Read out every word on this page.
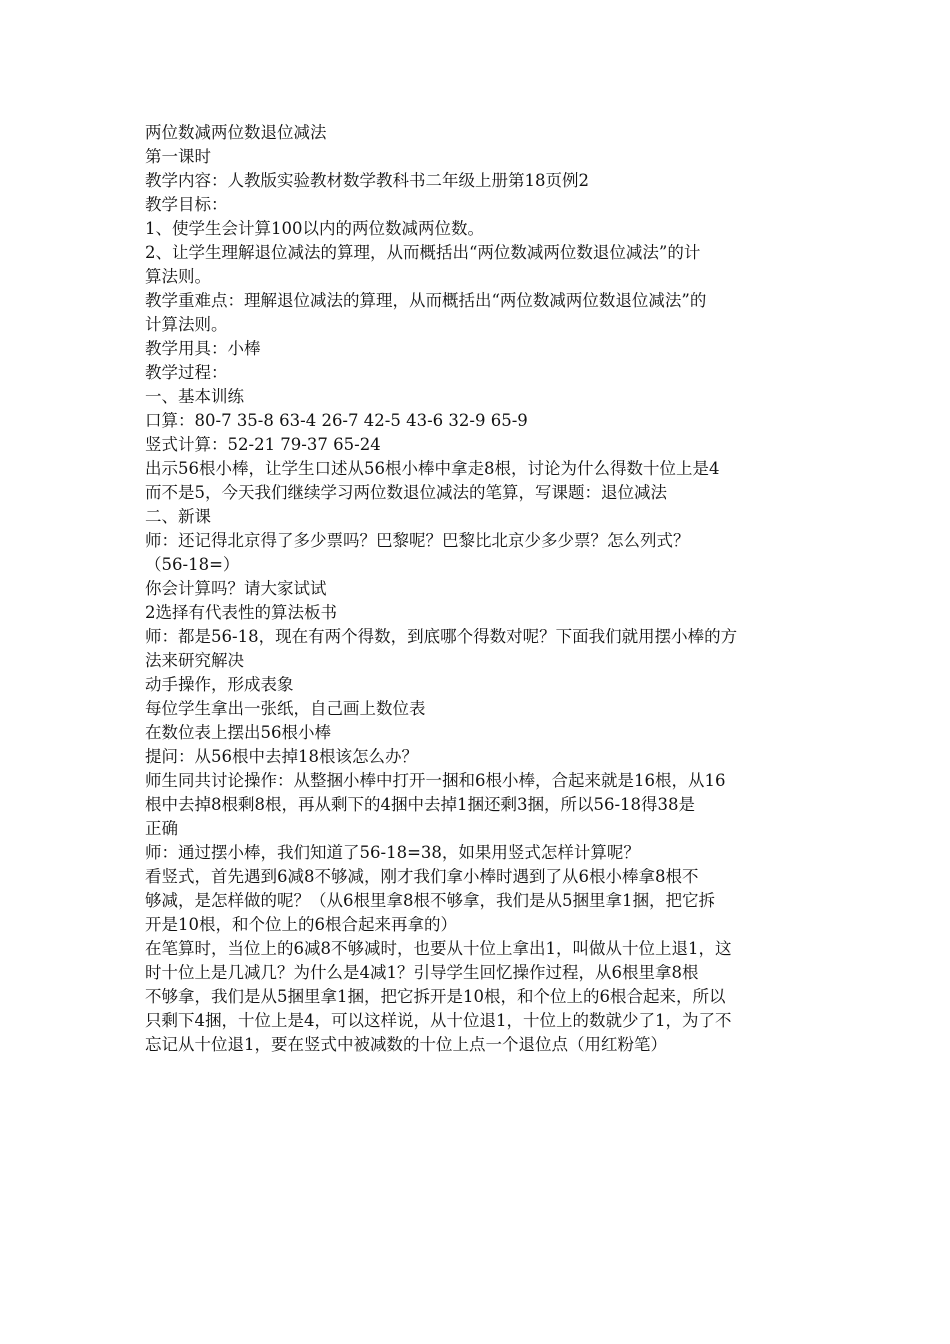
两位数减两位数退位减法
第一课时
教学内容：人教版实验教材数学教科书二年级上册第18页例2
教学目标：
1、使学生会计算100以内的两位数减两位数。
2、让学生理解退位减法的算理，从而概括出“两位数减两位数退位减法”的计
算法则。
教学重难点：理解退位减法的算理，从而概括出“两位数减两位数退位减法”的
计算法则。
教学用具：小棒
教学过程：
一、基本训练
口算：80-7 35-8 63-4 26-7 42-5 43-6 32-9 65-9
竖式计算：52-21 79-37 65-24
出示56根小棒，让学生口述从56根小棒中拿走8根，讨论为什么得数十位上是4
而不是5，今天我们继续学习两位数退位减法的笔算，写课题：退位减法
二、新课
师：还记得北京得了多少票吗？巴黎呢？巴黎比北京少多少票？怎么列式？
（56-18=）
你会计算吗？请大家试试
2选择有代表性的算法板书
师：都是56-18，现在有两个得数，到底哪个得数对呢？下面我们就用摆小棒的方
法来研究解决
动手操作，形成表象
每位学生拿出一张纸，自己画上数位表
在数位表上摆出56根小棒
提问：从56根中去掉18根该怎么办？
师生同共讨论操作：从整捆小棒中打开一捆和6根小棒，合起来就是16根，从16
根中去掉8根剩8根，再从剩下的4捆中去掉1捆还剩3捆，所以56-18得38是
正确
师：通过摆小棒，我们知道了56-18=38，如果用竖式怎样计算呢？
看竖式，首先遇到6减8不够减，刚才我们拿小棒时遇到了从6根小棒拿8根不
够减，是怎样做的呢？（从6根里拿8根不够拿，我们是从5捆里拿1捆，把它拆
开是10根，和个位上的6根合起来再拿的）
在笔算时，当位上的6减8不够减时，也要从十位上拿出1，叫做从十位上退1，这
时十位上是几减几？为什么是4减1？引导学生回忆操作过程，从6根里拿8根
不够拿，我们是从5捆里拿1捆，把它拆开是10根，和个位上的6根合起来，所以
只剩下4捆，十位上是4，可以这样说，从十位退1，十位上的数就少了1，为了不
忘记从十位退1，要在竖式中被减数的十位上点一个退位点（用红粉笔）
